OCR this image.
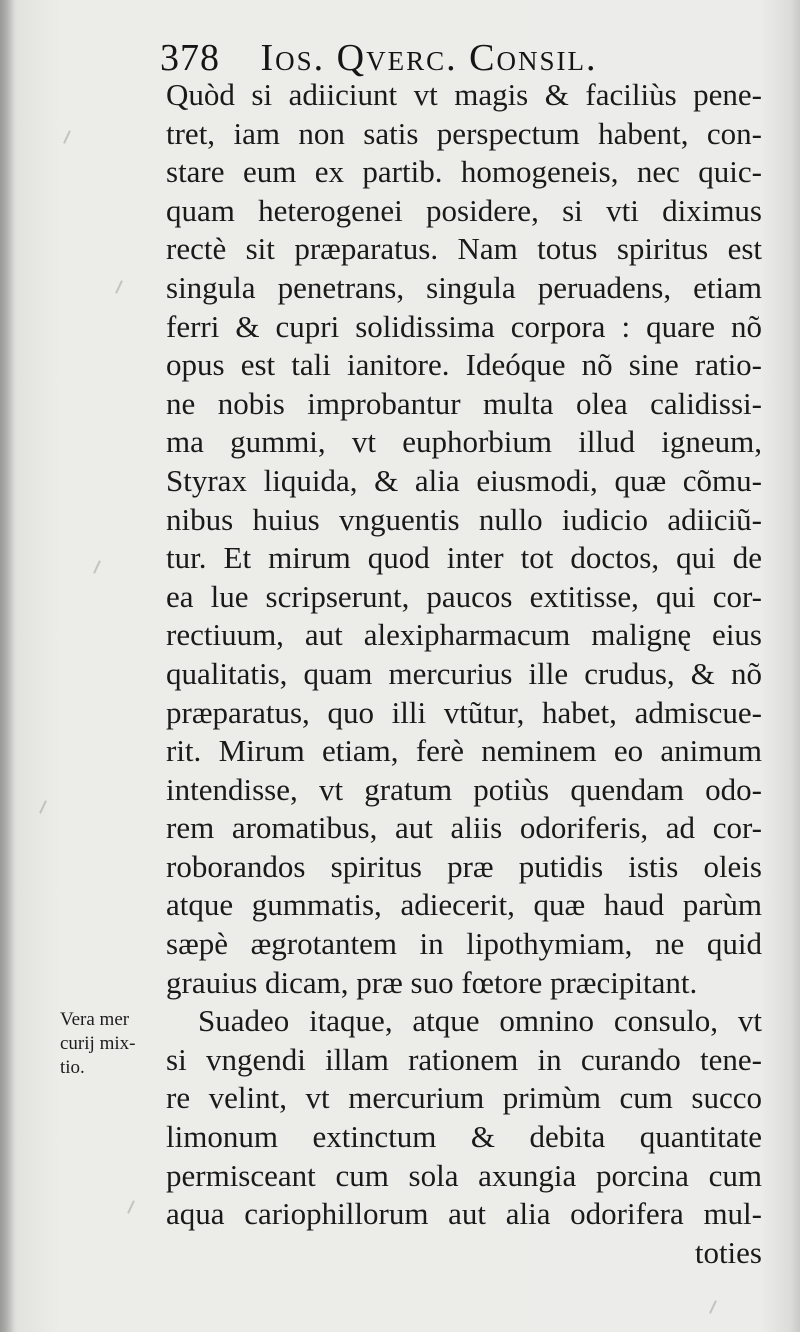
378 Ios. Qverc. Consil.
Quòd si adiiciunt vt magis & faciliùs pene-
tret, iam non satis perspectum habent, con-
stare eum ex partib. homogeneis, nec quic-
quam heterogenei posidere, si vti diximus
rectè sit præparatus. Nam totus spiritus est
singula penetrans, singula peruadens, etiam
ferri & cupri solidissima corpora : quare nõ
opus est tali ianitore. Ideóque nõ sine ratio-
ne nobis improbantur multa olea calidissi-
ma gummi, vt euphorbium illud igneum,
Styrax liquida, & alia eiusmodi, quæ cõmu-
nibus huius vnguentis nullo iudicio adiiciũ-
tur. Et mirum quod inter tot doctos, qui de
ea lue scripserunt, paucos extitisse, qui cor-
rectiuum, aut alexipharmacum malignę eius
qualitatis, quam mercurius ille crudus, & nõ
præparatus, quo illi vtũtur, habet, admiscue-
rit. Mirum etiam, ferè neminem eo animum
intendisse, vt gratum potiùs quendam odo-
rem aromatibus, aut aliis odoriferis, ad cor-
roborandos spiritus præ putidis istis oleis
atque gummatis, adiecerit, quæ haud parùm
sæpè ægrotantem in lipothymiam, ne quid
grauius dicam, præ suo fœtore præcipitant.
Suadeo itaque, atque omnino consulo, vt
si vngendi illam rationem in curando tene-
re velint, vt mercurium primùm cum succo
limonum extinctum & debita quantitate
permisceant cum sola axungia porcina cum
aqua cariophillorum aut alia odorifera mul-
toties
Vera mer
curij mix-
tio.
